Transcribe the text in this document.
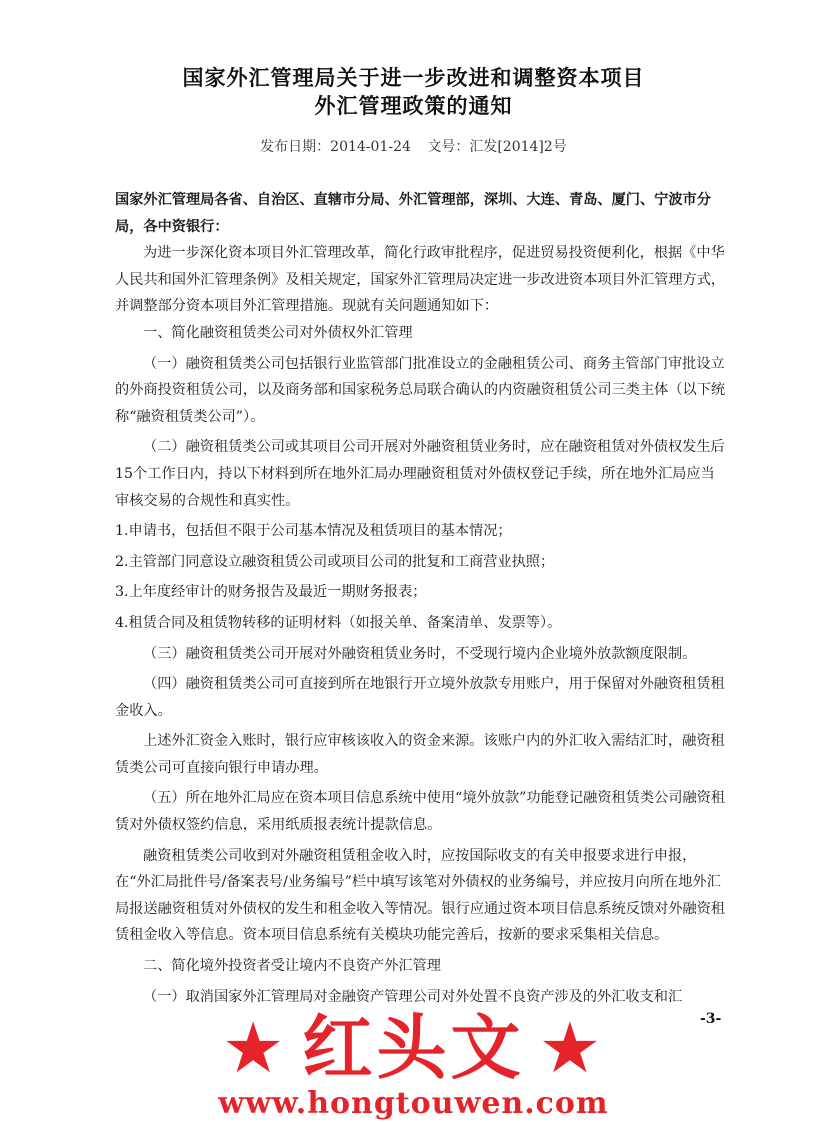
国家外汇管理局关于进一步改进和调整资本项目
外汇管理政策的通知
发布日期：2014-01-24 文号：汇发[2014]2号

国家外汇管理局各省、自治区、直辖市分局、外汇管理部，深圳、大连、青岛、厦门、宁波市分局，各中资银行：

为进一步深化资本项目外汇管理改革，简化行政审批程序，促进贸易投资便利化，根据《中华人民共和国外汇管理条例》及相关规定，国家外汇管理局决定进一步改进资本项目外汇管理方式，并调整部分资本项目外汇管理措施。现就有关问题通知如下：

一、简化融资租赁类公司对外债权外汇管理

（一）融资租赁类公司包括银行业监管部门批准设立的金融租赁公司、商务主管部门审批设立的外商投资租赁公司，以及商务部和国家税务总局联合确认的内资融资租赁公司三类主体（以下统称“融资租赁类公司”）。

（二）融资租赁类公司或其项目公司开展对外融资租赁业务时，应在融资租赁对外债权发生后15个工作日内，持以下材料到所在地外汇局办理融资租赁对外债权登记手续，所在地外汇局应当审核交易的合规性和真实性。

1.申请书，包括但不限于公司基本情况及租赁项目的基本情况；

2.主管部门同意设立融资租赁公司或项目公司的批复和工商营业执照；

3.上年度经审计的财务报告及最近一期财务报表；

4.租赁合同及租赁物转移的证明材料（如报关单、备案清单、发票等）。

（三）融资租赁类公司开展对外融资租赁业务时，不受现行境内企业境外放款额度限制。

（四）融资租赁类公司可直接到所在地银行开立境外放款专用账户，用于保留对外融资租赁租金收入。

上述外汇资金入账时，银行应审核该收入的资金来源。该账户内的外汇收入需结汇时，融资租赁类公司可直接向银行申请办理。

（五）所在地外汇局应在资本项目信息系统中使用“境外放款”功能登记融资租赁类公司融资租赁对外债权签约信息，采用纸质报表统计提款信息。

融资租赁类公司收到对外融资租赁租金收入时，应按国际收支的有关申报要求进行申报，在“外汇局批件号/备案表号/业务编号”栏中填写该笔对外债权的业务编号，并应按月向所在地外汇局报送融资租赁对外债权的发生和租金收入等情况。银行应通过资本项目信息系统反馈对外融资租赁租金收入等信息。资本项目信息系统有关模块功能完善后，按新的要求采集相关信息。

二、简化境外投资者受让境内不良资产外汇管理

（一）取消国家外汇管理局对金融资产管理公司对外处置不良资产涉及的外汇收支和汇

-3-
★ 红头文 ★
www.hongtouwen.com
